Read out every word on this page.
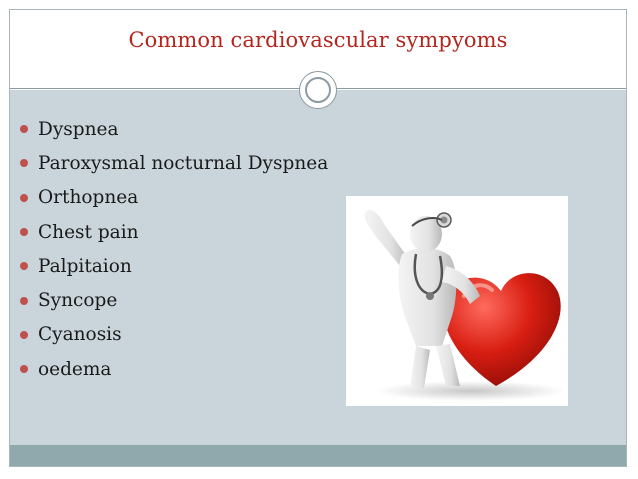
Common cardiovascular sympyoms
Dyspnea
Paroxysmal nocturnal Dyspnea
Orthopnea
Chest pain
Palpitaion
Syncope
Cyanosis
oedema
